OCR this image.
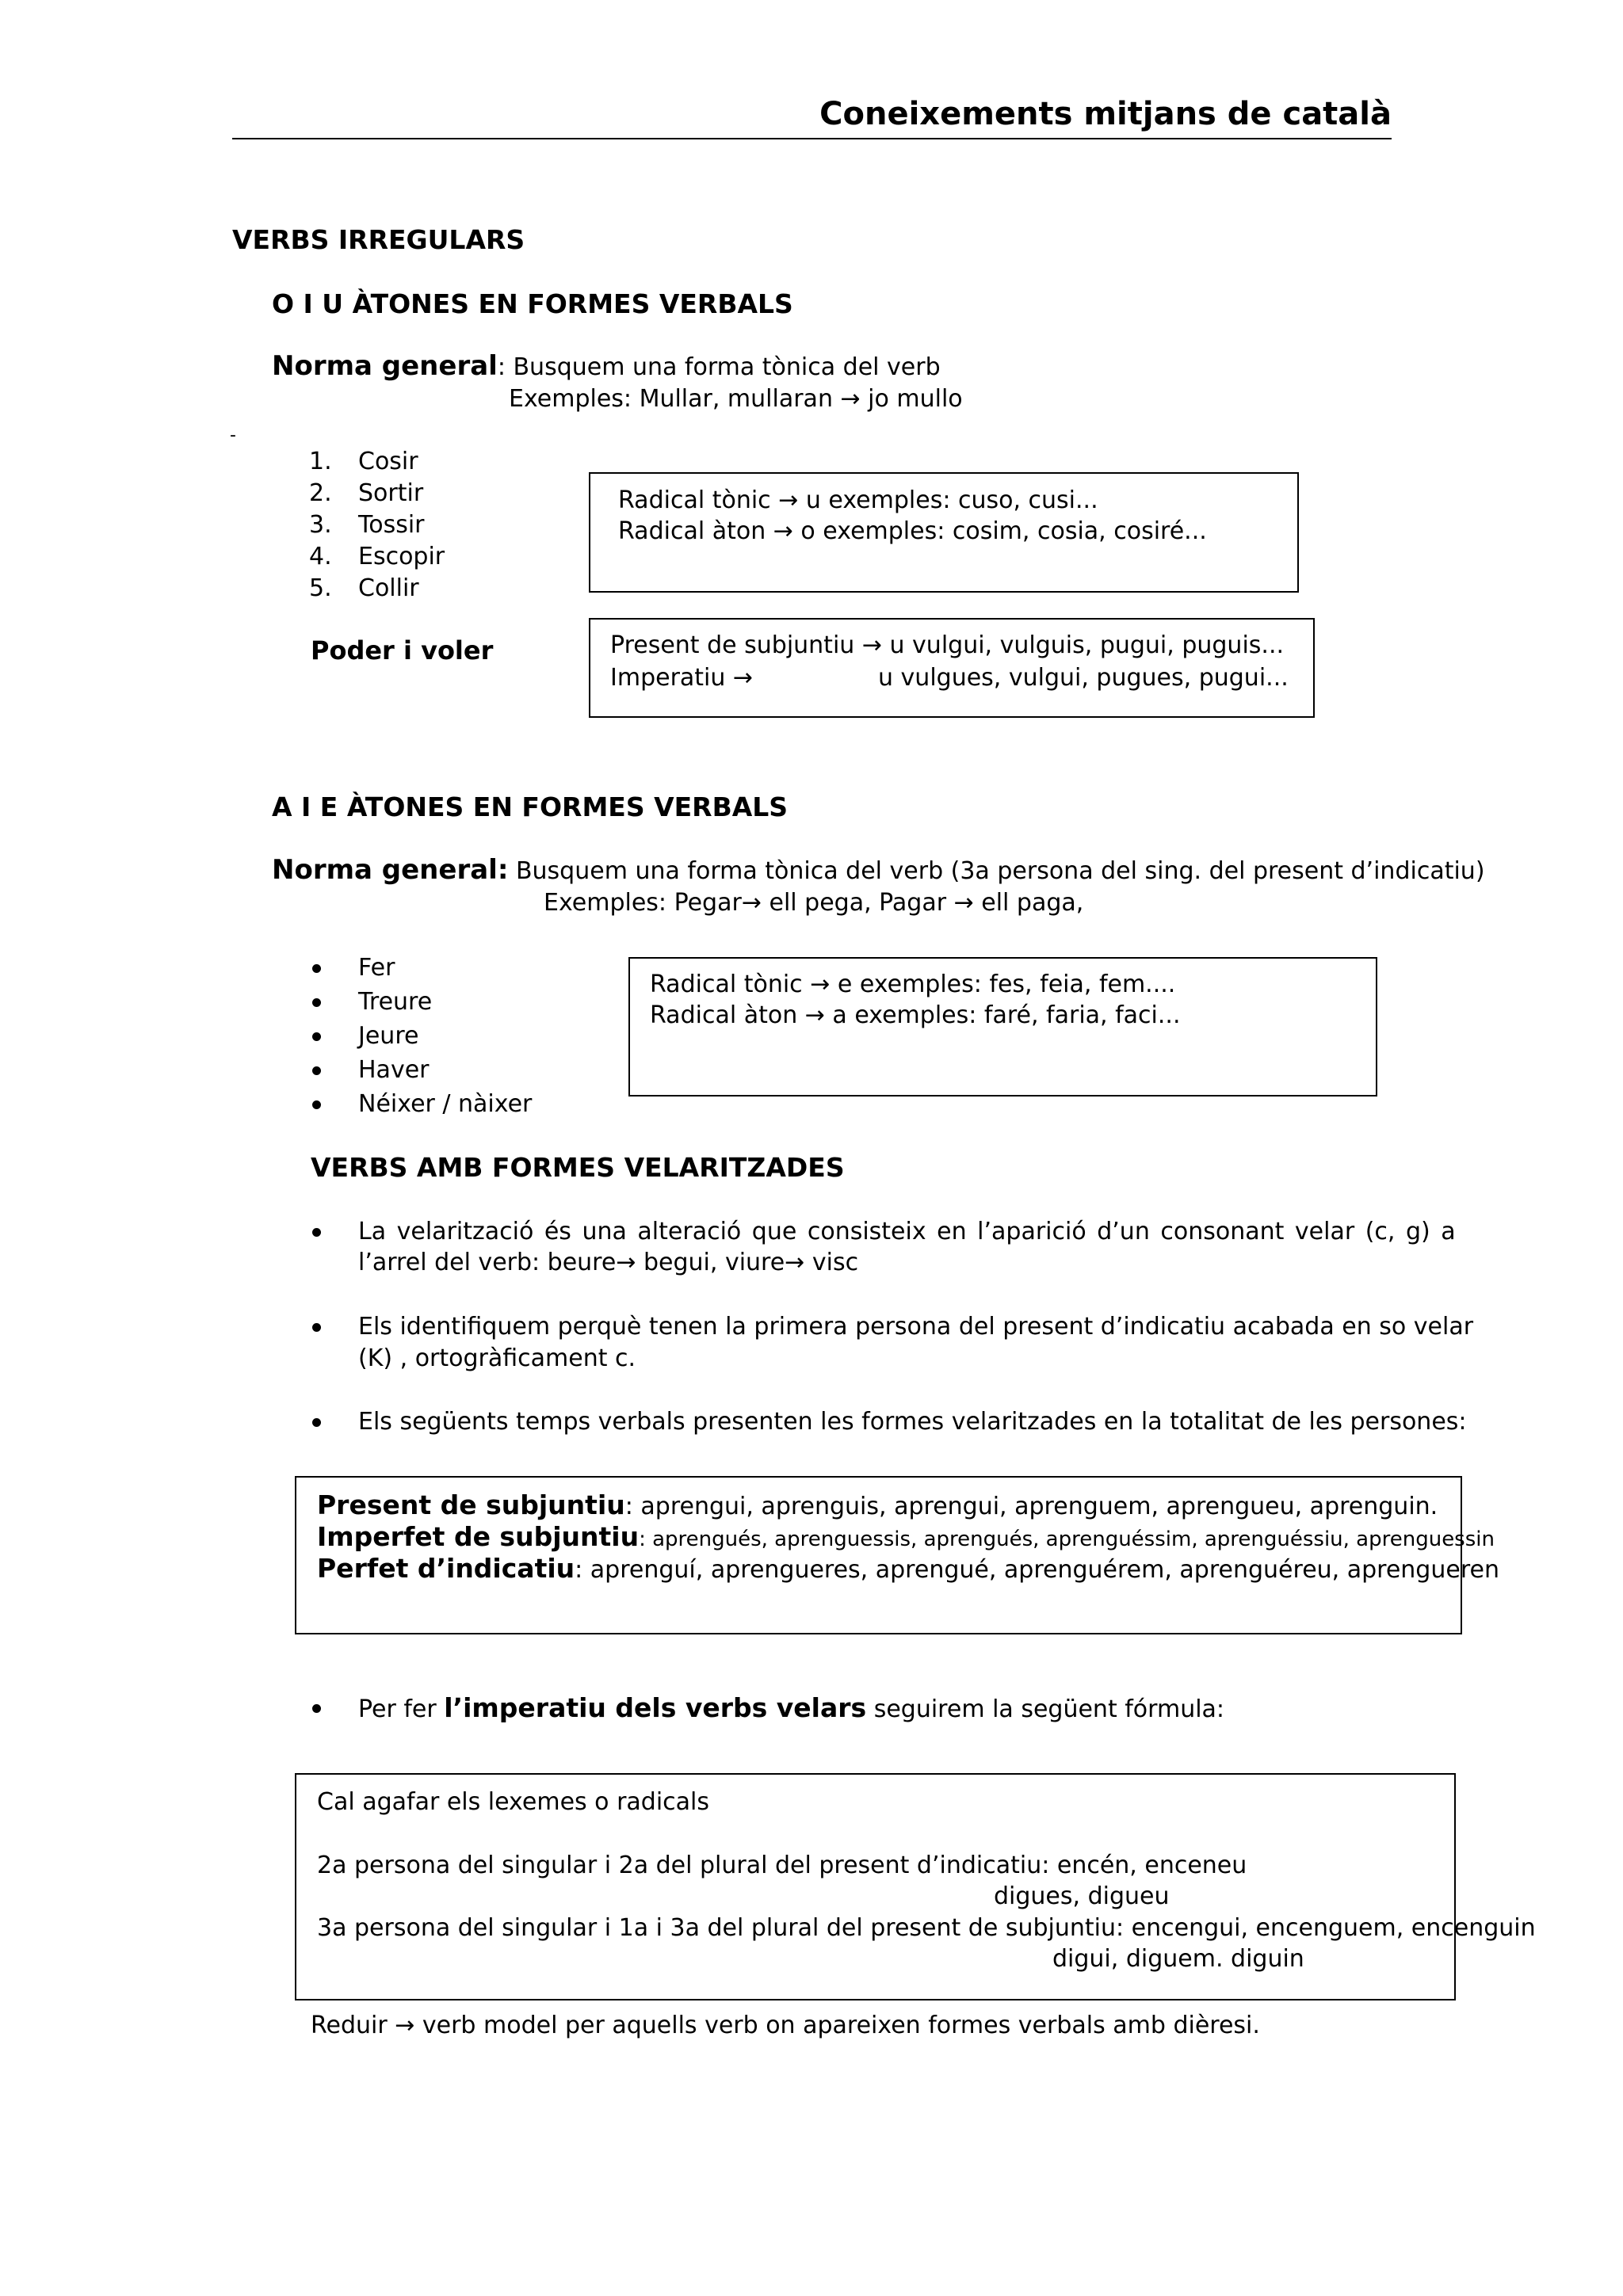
Coneixements mitjans de català
VERBS IRREGULARS
O I U ÀTONES EN FORMES VERBALS
Norma general: Busquem una forma tònica del verb
Exemples: Mullar, mullaran → jo mullo
-
1. Cosir
2. Sortir
3. Tossir
4. Escopir
5. Collir
Radical tònic → u exemples: cuso, cusi...
Radical àton → o exemples: cosim, cosia, cosiré...
Poder i voler	Present de subjuntiu → u vulgui, vulguis, pugui, puguis...
Imperatiu →	u vulgues, vulgui, pugues, pugui...
A I E ÀTONES EN FORMES VERBALS
Norma general: Busquem una forma tònica del verb (3a persona del sing. del present d’indicatiu)
Exemples: Pegar→ ell pega, Pagar → ell paga,
Fer
Treure
Jeure
Haver
Néixer / nàixer
Radical tònic → e exemples: fes, feia, fem....
Radical àton → a exemples: faré, faria, faci...
VERBS AMB FORMES VELARITZADES
La velarització és una alteració que consisteix en l’aparició d’un consonant velar (c, g) a
l’arrel del verb: beure→ begui, viure→ visc
Els identifiquem perquè tenen la primera persona del present d’indicatiu acabada en so velar
(K) , ortogràficament c.
Els següents temps verbals presenten les formes velaritzades en la totalitat de les persones:
Present de subjuntiu: aprengui, aprenguis, aprengui, aprenguem, aprengueu, aprenguin.
Imperfet de subjuntiu: aprengués, aprenguessis, aprengués, aprenguéssim, aprenguéssiu, aprenguessin
Perfet d’indicatiu: aprenguí, aprengueres, aprengué, aprenguérem, aprenguéreu, aprengueren
Per fer l’imperatiu dels verbs velars seguirem la següent fórmula:
Cal agafar els lexemes o radicals
2a persona del singular i 2a del plural del present d’indicatiu: encén, enceneu
digues, digueu
3a persona del singular i 1a i 3a del plural del present de subjuntiu: encengui, encenguem, encenguin
digui, diguem. diguin
Reduir → verb model per aquells verb on apareixen formes verbals amb dièresi.
